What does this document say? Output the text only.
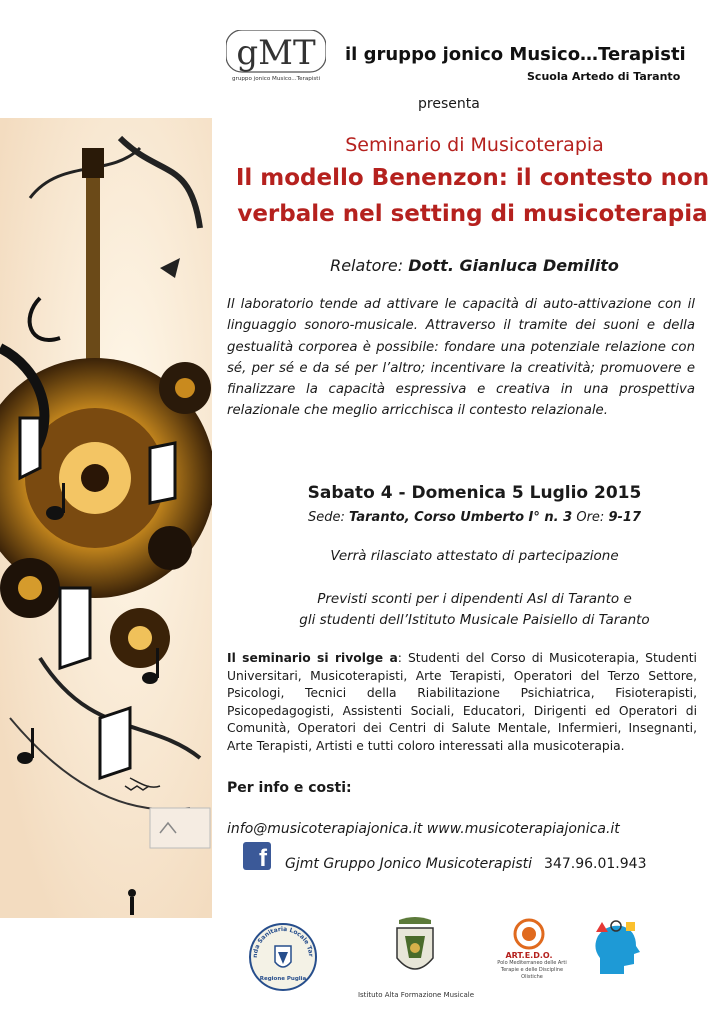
gMT
gruppo jonico Musico...Terapisti
il gruppo jonico Musico…Terapisti
Scuola Artedo di Taranto
presenta
Seminario di Musicoterapia
Il modello Benenzon: il contesto non
verbale nel setting di musicoterapia
Relatore: Dott. Gianluca Demilito
Il laboratorio tende ad attivare le capacità di auto-attivazione con il linguaggio sonoro-musicale. Attraverso il tramite dei suoni e della gestualità corporea è possibile: fondare una potenziale relazione con sé, per sé e da sé per l’altro; incentivare la creatività; promuovere e finalizzare la capacità espressiva e creativa in una prospettiva relazionale che meglio arricchisca il contesto relazionale.
Sabato 4 - Domenica 5 Luglio 2015
Sede: Taranto, Corso Umberto I° n. 3 Ore: 9-17
Verrà rilasciato attestato di partecipazione
Previsti sconti per i dipendenti Asl di Taranto e
gli studenti dell’Istituto Musicale Paisiello di Taranto
Il seminario si rivolge a: Studenti del Corso di Musicoterapia, Studenti Universitari, Musicoterapisti, Arte Terapisti, Operatori del Terzo Settore, Psicologi, Tecnici della Riabilitazione Psichiatrica, Fisioterapisti, Psicopedagogisti, Assistenti Sociali, Educatori, Dirigenti ed Operatori di Comunità, Operatori dei Centri di Salute Mentale, Infermieri, Insegnanti, Arte Terapisti, Artisti e tutti coloro interessati alla musicoterapia.
Per info e costi:
info@musicoterapiajonica.it www.musicoterapiajonica.it
f Gjmt Gruppo Jonico Musicoterapisti 347.96.01.943
nda Sanitaria Locale Tar
Regione Puglia
Istituto Alta Formazione Musicale
ART.E.D.O.
Polo Mediterraneo delle Arti Terapie e delle Discipline Olistiche
